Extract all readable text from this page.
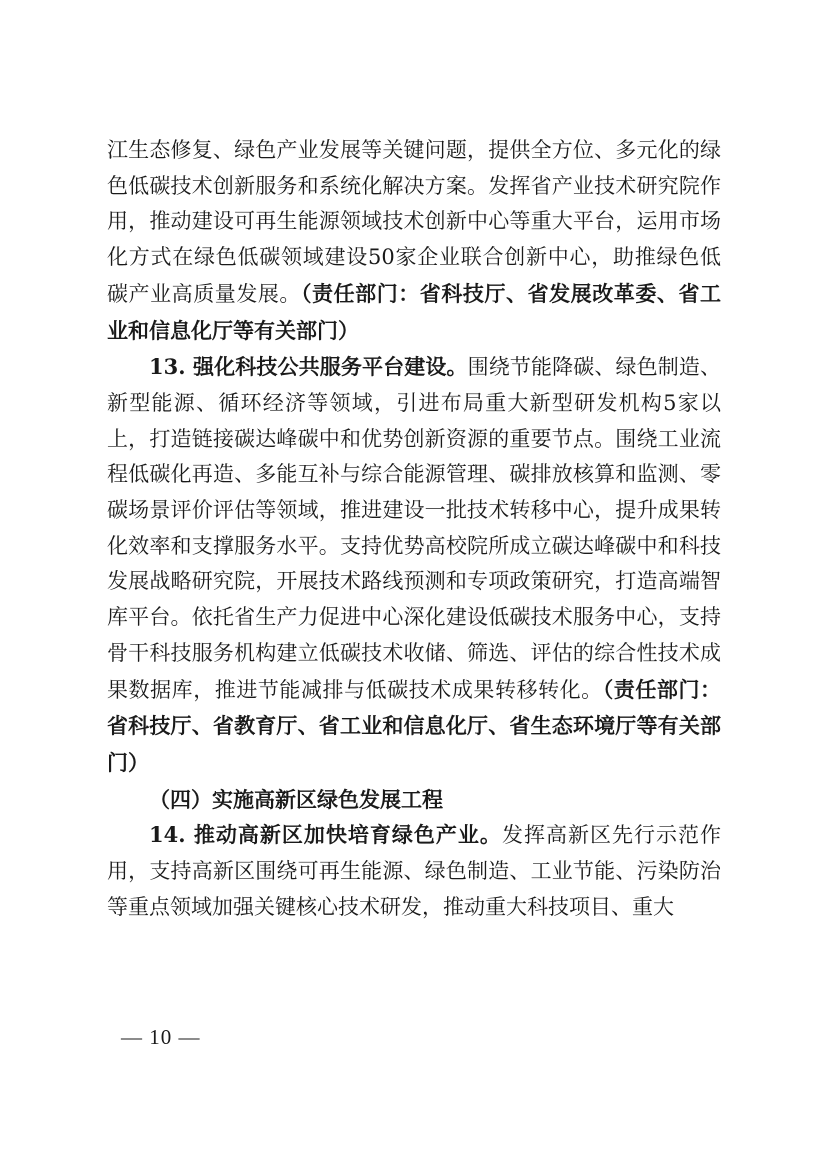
江生态修复、绿色产业发展等关键问题，提供全方位、多元化的绿色低碳技术创新服务和系统化解决方案。发挥省产业技术研究院作用，推动建设可再生能源领域技术创新中心等重大平台，运用市场化方式在绿色低碳领域建设50家企业联合创新中心，助推绿色低碳产业高质量发展。（责任部门：省科技厅、省发展改革委、省工业和信息化厅等有关部门）

13. 强化科技公共服务平台建设。围绕节能降碳、绿色制造、新型能源、循环经济等领域，引进布局重大新型研发机构5家以上，打造链接碳达峰碳中和优势创新资源的重要节点。围绕工业流程低碳化再造、多能互补与综合能源管理、碳排放核算和监测、零碳场景评价评估等领域，推进建设一批技术转移中心，提升成果转化效率和支撑服务水平。支持优势高校院所成立碳达峰碳中和科技发展战略研究院，开展技术路线预测和专项政策研究，打造高端智库平台。依托省生产力促进中心深化建设低碳技术服务中心，支持骨干科技服务机构建立低碳技术收储、筛选、评估的综合性技术成果数据库，推进节能减排与低碳技术成果转移转化。（责任部门：省科技厅、省教育厅、省工业和信息化厅、省生态环境厅等有关部门）

（四）实施高新区绿色发展工程

14. 推动高新区加快培育绿色产业。发挥高新区先行示范作用，支持高新区围绕可再生能源、绿色制造、工业节能、污染防治等重点领域加强关键核心技术研发，推动重大科技项目、重大

— 10 —
